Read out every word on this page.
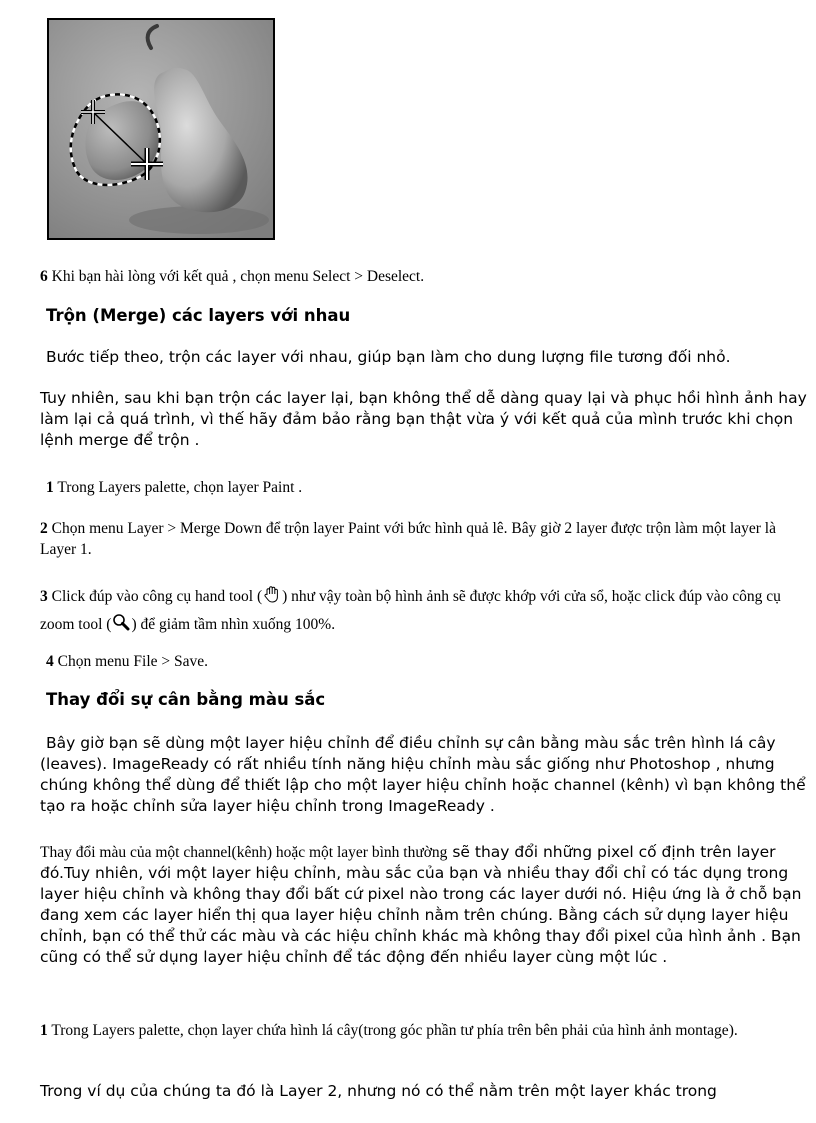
6 Khi bạn hài lòng với kết quả , chọn menu Select > Deselect.

Trộn (Merge) các layers với nhau

Bước tiếp theo, trộn các layer với nhau, giúp bạn làm cho dung lượng file tương đối nhỏ.

Tuy nhiên, sau khi bạn trộn các layer lại, bạn không thể dễ dàng quay lại và phục hồi hình ảnh hay làm lại cả quá trình, vì thế hãy đảm bảo rằng bạn thật vừa ý với kết quả của mình trước khi chọn lệnh merge để trộn .

1 Trong Layers palette, chọn layer Paint .

2 Chọn menu Layer > Merge Down để trộn layer Paint với bức hình quả lê. Bây giờ 2 layer được trộn làm một layer là Layer 1.

3 Click đúp vào công cụ hand tool ( ) như vậy toàn bộ hình ảnh sẽ được khớp với cửa sổ, hoặc click đúp vào công cụ zoom tool ( ) để giảm tầm nhìn xuống 100%.

4 Chọn menu File > Save.

Thay đổi sự cân bằng màu sắc

Bây giờ bạn sẽ dùng một layer hiệu chỉnh để điều chỉnh sự cân bằng màu sắc trên hình lá cây (leaves). ImageReady có rất nhiều tính năng hiệu chỉnh màu sắc giống như Photoshop , nhưng chúng không thể dùng để thiết lập cho một layer hiệu chỉnh hoặc channel (kênh) vì bạn không thể tạo ra hoặc chỉnh sửa layer hiệu chỉnh trong ImageReady .

Thay đổi màu của một channel(kênh) hoặc một layer bình thường sẽ thay đổi những pixel cố định trên layer đó.Tuy nhiên, với một layer hiệu chỉnh, màu sắc của bạn và nhiều thay đổi chỉ có tác dụng trong layer hiệu chỉnh và không thay đổi bất cứ pixel nào trong các layer dưới nó. Hiệu ứng là ở chỗ bạn đang xem các layer hiển thị qua layer hiệu chỉnh nằm trên chúng. Bằng cách sử dụng layer hiệu chỉnh, bạn có thể thử các màu và các hiệu chỉnh khác mà không thay đổi pixel của hình ảnh . Bạn cũng có thể sử dụng layer hiệu chỉnh để tác động đến nhiều layer cùng một lúc .

1 Trong Layers palette, chọn layer chứa hình lá cây(trong góc phần tư phía trên bên phải của hình ảnh montage).

Trong ví dụ của chúng ta đó là Layer 2, nhưng nó có thể nằm trên một layer khác trong
